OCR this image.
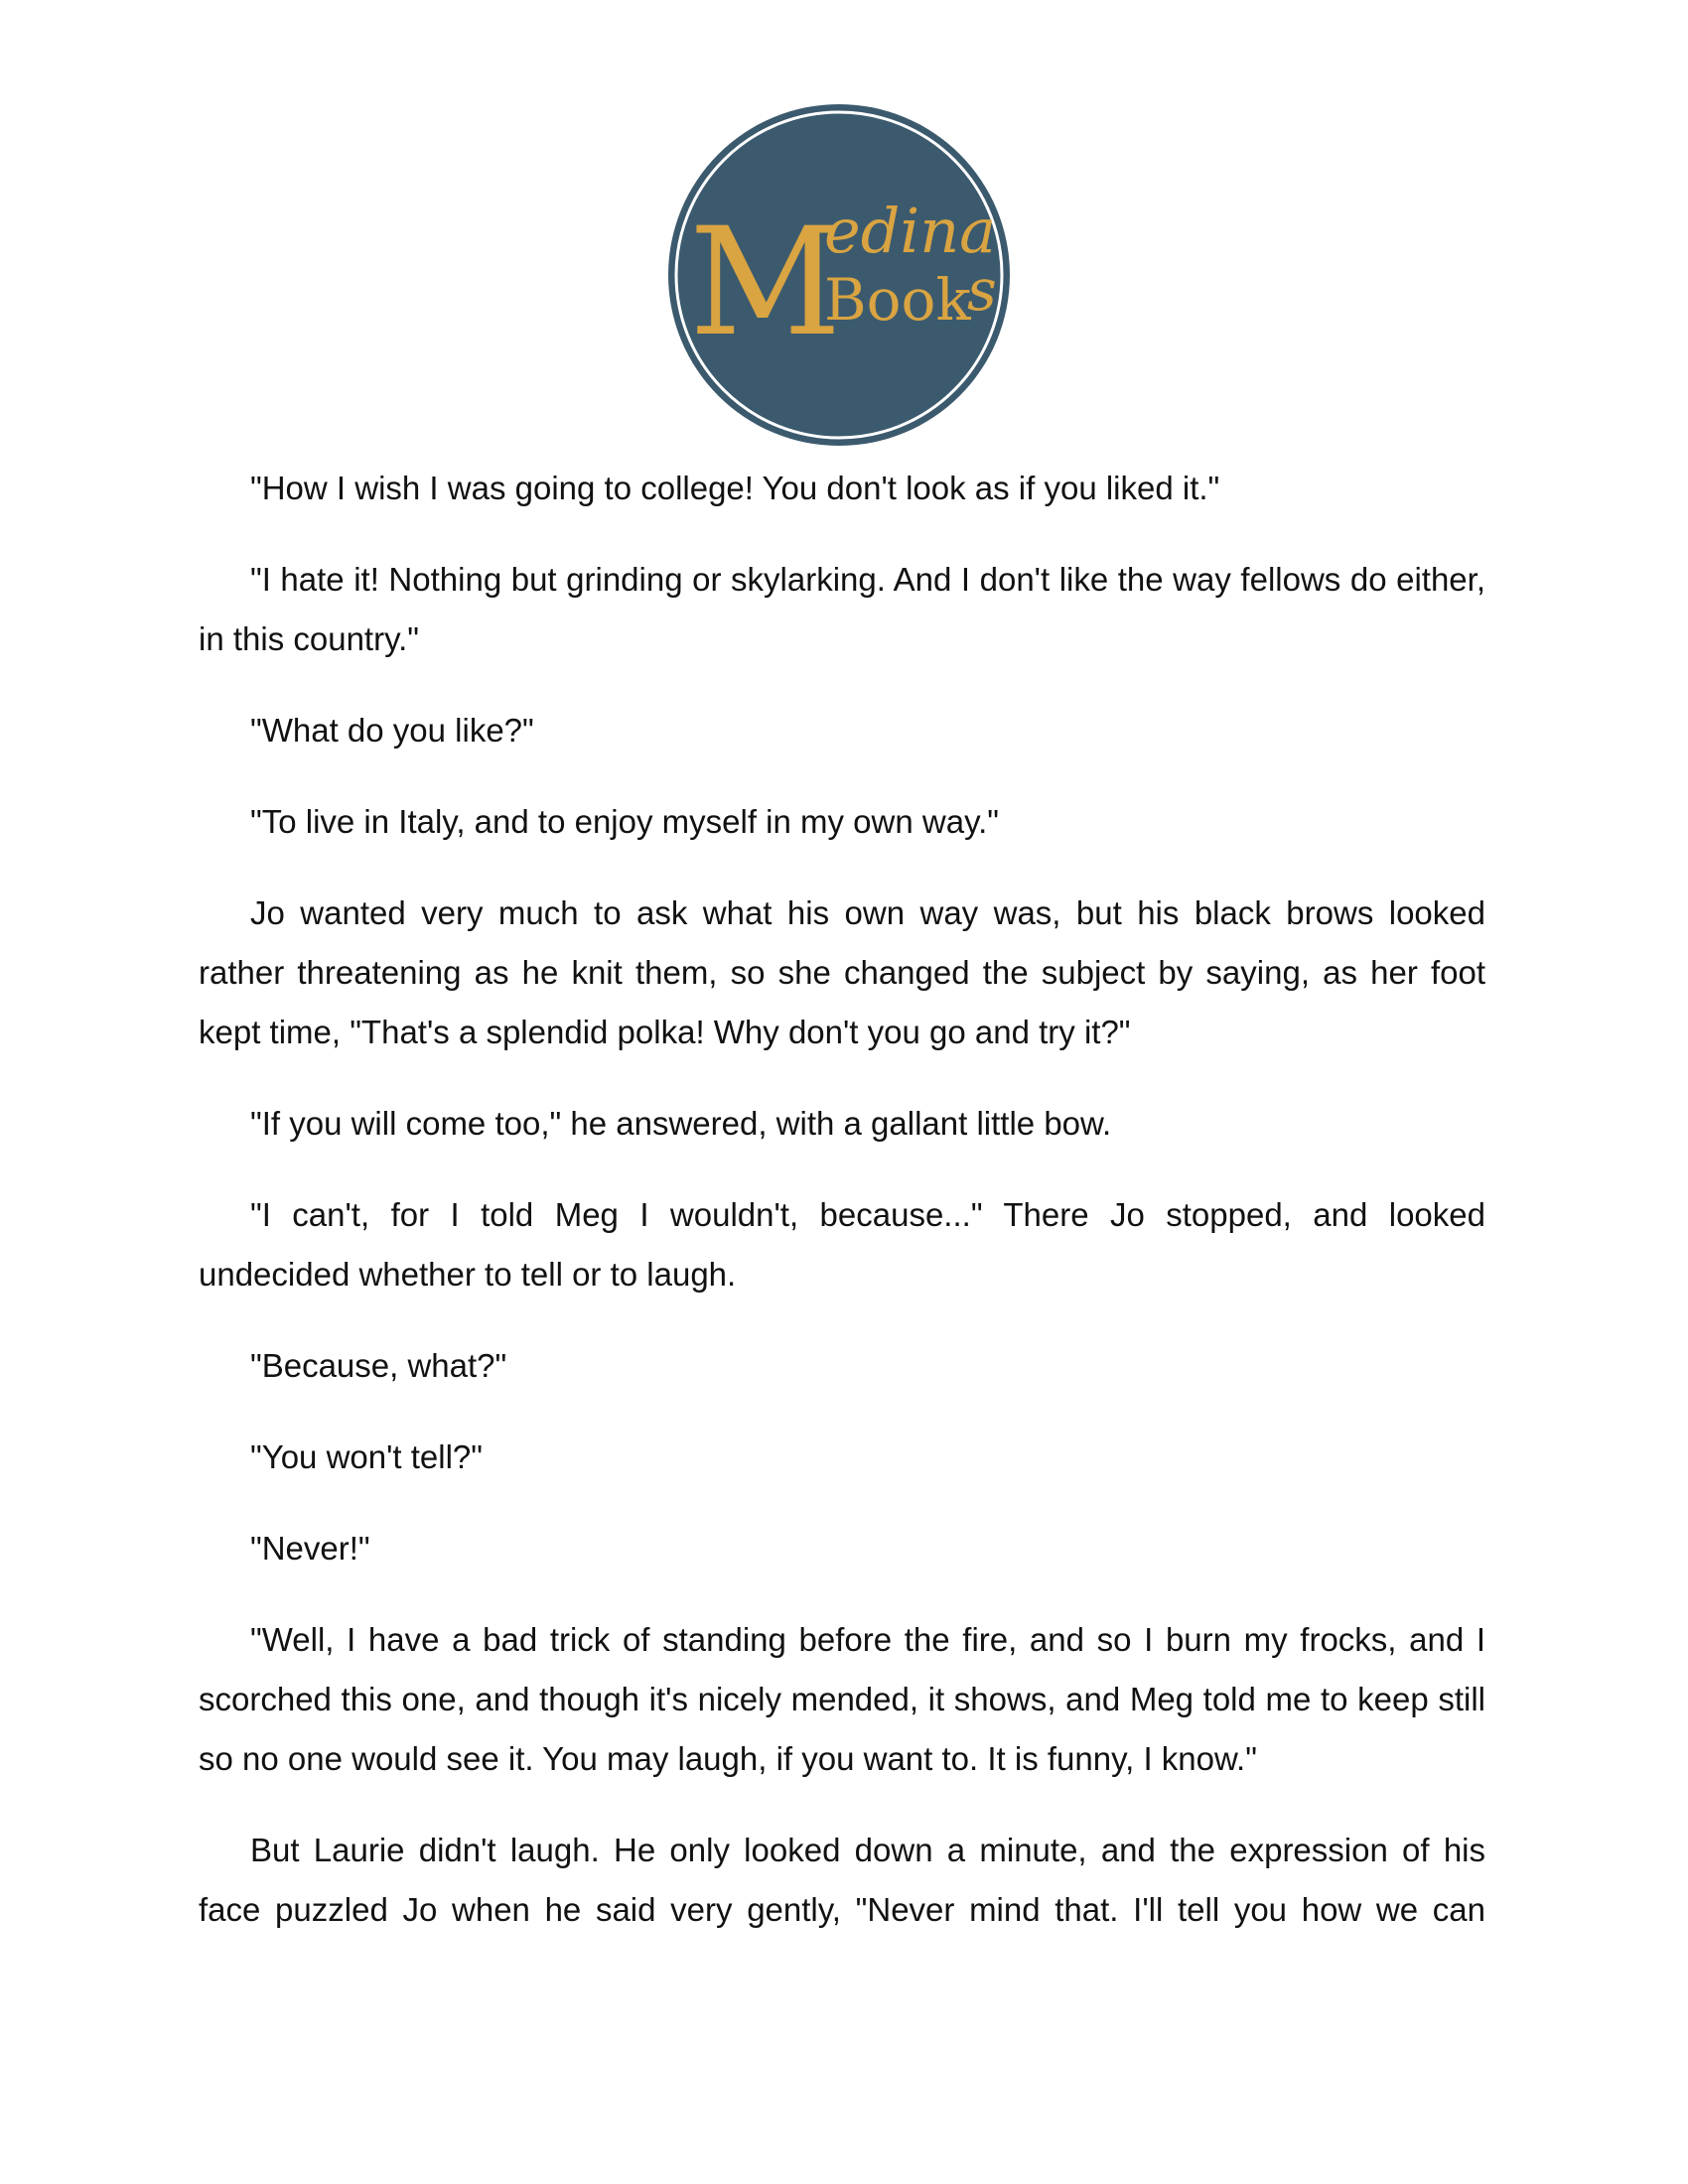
M
edina
Book
s

"How I wish I was going to college! You don't look as if you liked it."

"I hate it! Nothing but grinding or skylarking. And I don't like the way fellows do either, in this country."

"What do you like?"

"To live in Italy, and to enjoy myself in my own way."

Jo wanted very much to ask what his own way was, but his black brows looked rather threatening as he knit them, so she changed the subject by saying, as her foot kept time, "That's a splendid polka! Why don't you go and try it?"

"If you will come too," he answered, with a gallant little bow.

"I can't, for I told Meg I wouldn't, because..." There Jo stopped, and looked undecided whether to tell or to laugh.

"Because, what?"

"You won't tell?"

"Never!"

"Well, I have a bad trick of standing before the fire, and so I burn my frocks, and I scorched this one, and though it's nicely mended, it shows, and Meg told me to keep still so no one would see it. You may laugh, if you want to. It is funny, I know."

But Laurie didn't laugh. He only looked down a minute, and the expression of his face puzzled Jo when he said very gently, "Never mind that. I'll tell you how we can
